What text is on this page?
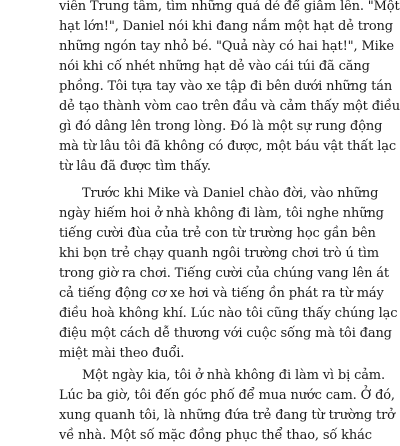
viên Trung tâm, tìm những quả dẻ để giẫm lên. "Một
hạt lớn!", Daniel nói khi đang nắm một hạt dẻ trong
những ngón tay nhỏ bé. "Quả này có hai hạt!", Mike
nói khi cố nhét những hạt dẻ vào cái túi đã căng
phồng. Tôi tựa tay vào xe tập đi bên dưới những tán
dẻ tạo thành vòm cao trên đầu và cảm thấy một điều
gì đó dâng lên trong lòng. Đó là một sự rung động
mà từ lâu tôi đã không có được, một báu vật thất lạc
từ lâu đã được tìm thấy.
Trước khi Mike và Daniel chào đời, vào những
ngày hiếm hoi ở nhà không đi làm, tôi nghe những
tiếng cười đùa của trẻ con từ trường học gần bên
khi bọn trẻ chạy quanh ngôi trường chơi trò ú tìm
trong giờ ra chơi. Tiếng cười của chúng vang lên át
cả tiếng động cơ xe hơi và tiếng ồn phát ra từ máy
điều hoà không khí. Lúc nào tôi cũng thấy chúng lạc
điệu một cách dễ thương với cuộc sống mà tôi đang
miệt mài theo đuổi.
Một ngày kia, tôi ở nhà không đi làm vì bị cảm.
Lúc ba giờ, tôi đến góc phố để mua nước cam. Ở đó,
xung quanh tôi, là những đứa trẻ đang từ trường trở
về nhà. Một số mặc đồng phục thể thao, số khác
